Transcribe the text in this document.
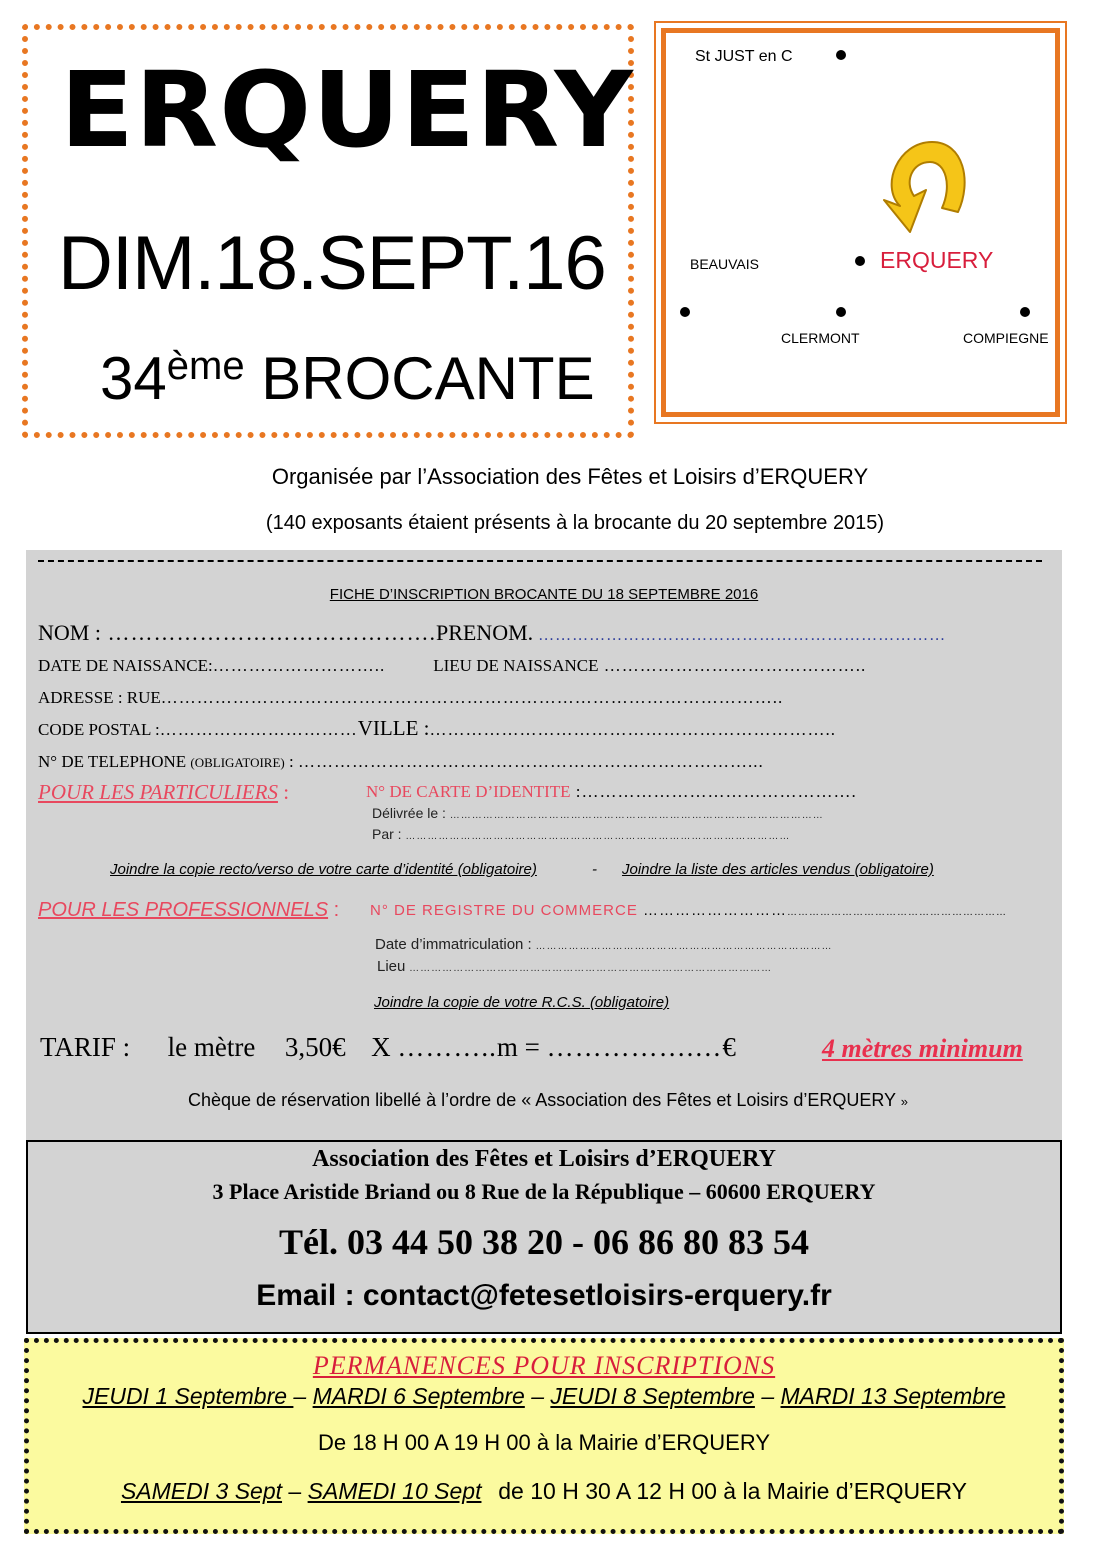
ERQUERY
DIM.18.SEPT.16
34ème BROCANTE
St JUST en C
BEAUVAIS	ERQUERY
CLERMONT	COMPIEGNE
Organisée par l’Association des Fêtes et Loisirs d’ERQUERY
(140 exposants étaient présents à la brocante du 20 septembre 2015)
FICHE D’INSCRIPTION BROCANTE DU 18 SEPTEMBRE 2016
NOM : …………………………………….PRENOM. ………………………………………………………………
DATE DE NAISSANCE:………………………..	LIEU DE NAISSANCE ……………………………………..
ADRESSE : RUE…………………………………………………………………………………………..
CODE POSTAL :……………………………VILLE :…………………………………………………………..
N° DE TELEPHONE (OBLIGATOIRE) : …………………………………………………………………...
POUR LES PARTICULIERS :	N° DE CARTE D’IDENTITE :……………………………………….
Délivrée le : …………………………………………………………………………………………
Par : ……………………………………………………………………………………………
Joindre la copie recto/verso de votre carte d’identité (obligatoire)	- Joindre la liste des articles vendus (obligatoire)
POUR LES PROFESSIONNELS : N° DE REGISTRE DU COMMERCE ……………………………………………………………………………
Date d’immatriculation : ………………………………………………………………………
Lieu ………………………………………………………………………………………
Joindre la copie de votre R.C.S. (obligatoire)
TARIF : le mètre 3,50€ X ………..m = …………….…€	4 mètres minimum
Chèque de réservation libellé à l’ordre de « Association des Fêtes et Loisirs d’ERQUERY »
Association des Fêtes et Loisirs d’ERQUERY
3 Place Aristide Briand ou 8 Rue de la République – 60600 ERQUERY
Tél. 03 44 50 38 20 - 06 86 80 83 54
Email : contact@fetesetloisirs-erquery.fr
PERMANENCES POUR INSCRIPTIONS
JEUDI 1 Septembre – MARDI 6 Septembre – JEUDI 8 Septembre – MARDI 13 Septembre
De 18 H 00 A 19 H 00 à la Mairie d’ERQUERY
SAMEDI 3 Sept – SAMEDI 10 Sept de 10 H 30 A 12 H 00 à la Mairie d’ERQUERY
